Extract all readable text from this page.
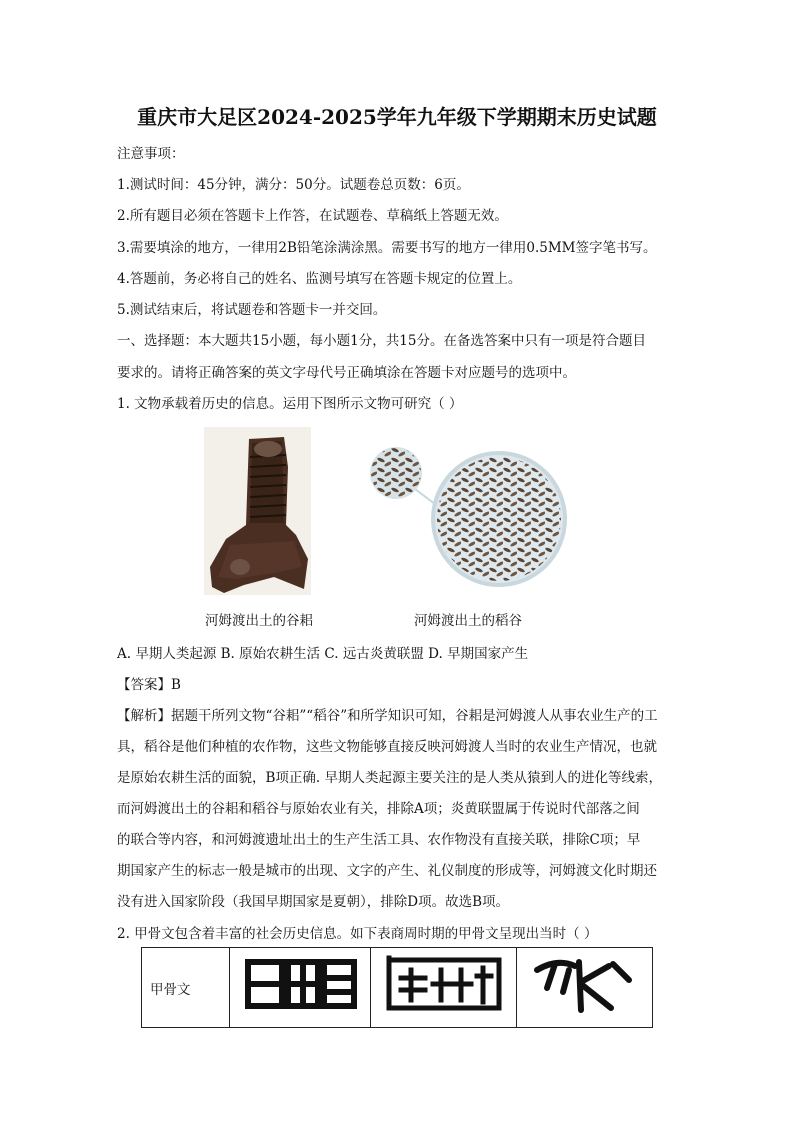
重庆市大足区2024-2025学年九年级下学期期末历史试题
注意事项：
1.测试时间：45分钟，满分：50分。试题卷总页数：6页。
2.所有题目必须在答题卡上作答，在试题卷、草稿纸上答题无效。
3.需要填涂的地方，一律用2B铅笔涂满涂黑。需要书写的地方一律用0.5MM签字笔书写。
4.答题前，务必将自己的姓名、监测号填写在答题卡规定的位置上。
5.测试结束后，将试题卷和答题卡一并交回。
一、选择题：本大题共15小题，每小题1分，共15分。在备选答案中只有一项是符合题目
要求的。请将正确答案的英文字母代号正确填涂在答题卡对应题号的选项中。
1. 文物承载着历史的信息。运用下图所示文物可研究（ ）
河姆渡出土的谷耜	河姆渡出土的稻谷
A. 早期人类起源 B. 原始农耕生活 C. 远古炎黄联盟 D. 早期国家产生
【答案】B
【解析】据题干所列文物“谷耜”“稻谷”和所学知识可知，谷耜是河姆渡人从事农业生产的工
具，稻谷是他们种植的农作物，这些文物能够直接反映河姆渡人当时的农业生产情况，也就
是原始农耕生活的面貌，B项正确. 早期人类起源主要关注的是人类从猿到人的进化等线索，
而河姆渡出土的谷耜和稻谷与原始农业有关，排除A项；炎黄联盟属于传说时代部落之间
的联合等内容，和河姆渡遗址出土的生产生活工具、农作物没有直接关联，排除C项；早
期国家产生的标志一般是城市的出现、文字的产生、礼仪制度的形成等，河姆渡文化时期还
没有进入国家阶段（我国早期国家是夏朝），排除D项。故选B项。
2. 甲骨文包含着丰富的社会历史信息。如下表商周时期的甲骨文呈现出当时（ ）
甲骨文			
